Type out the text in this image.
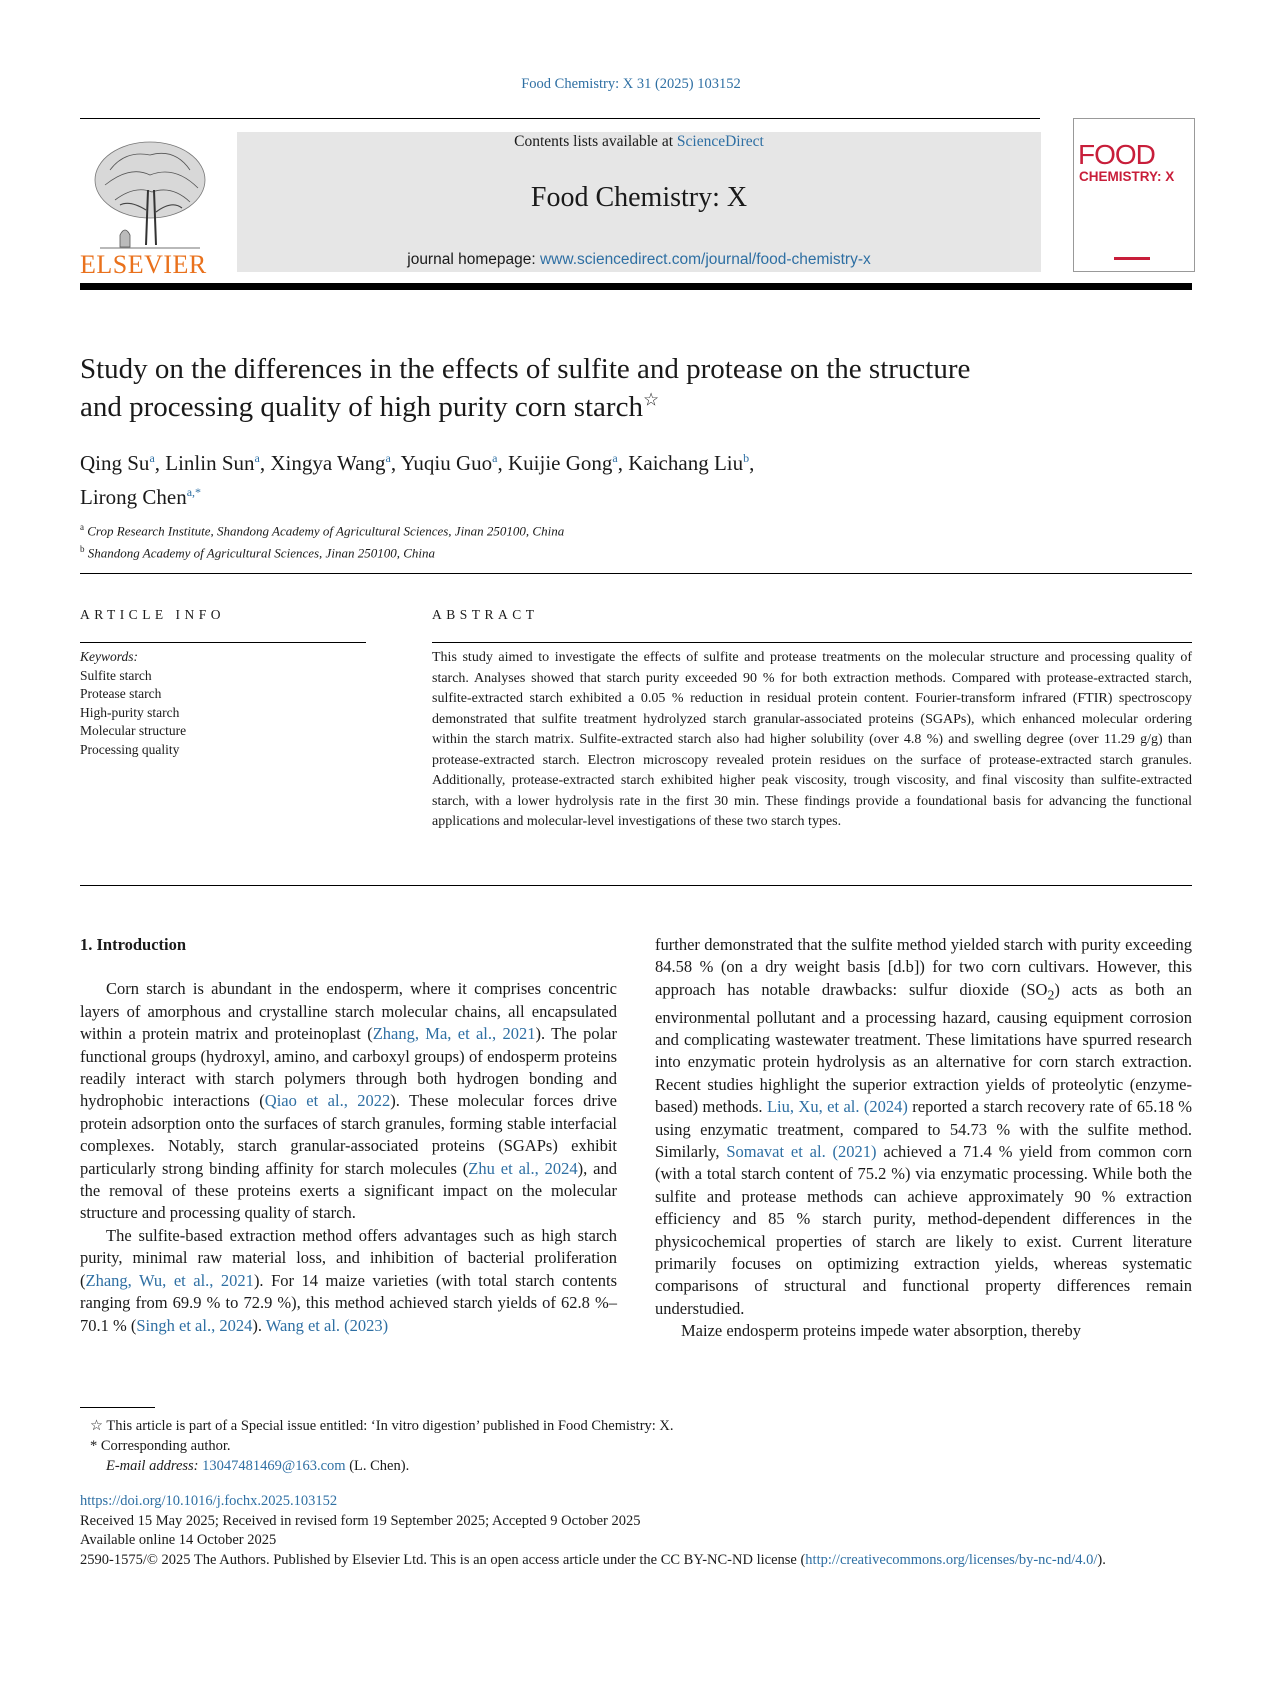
Food Chemistry: X 31 (2025) 103152
ELSEVIER
Contents lists available at ScienceDirect
Food Chemistry: X
journal homepage: www.sciencedirect.com/journal/food-chemistry-x
FOOD
CHEMISTRY: X
Study on the differences in the effects of sulfite and protease on the structure and processing quality of high purity corn starch☆
Qing Su$^a$, Linlin Sun$^a$, Xingya Wang$^a$, Yuqiu Guo$^a$, Kuijie Gong$^a$, Kaichang Liu$^b$,
Lirong Chen$^{a,*}$
$^a$ Crop Research Institute, Shandong Academy of Agricultural Sciences, Jinan 250100, China
$^b$ Shandong Academy of Agricultural Sciences, Jinan 250100, China
ARTICLE INFO	ABSTRACT
Keywords:
Sulfite starch
Protease starch
High-purity starch
Molecular structure
Processing quality
This study aimed to investigate the effects of sulfite and protease treatments on the molecular structure and processing quality of starch. Analyses showed that starch purity exceeded 90 % for both extraction methods. Compared with protease-extracted starch, sulfite-extracted starch exhibited a 0.05 % reduction in residual protein content. Fourier-transform infrared (FTIR) spectroscopy demonstrated that sulfite treatment hydrolyzed starch granular-associated proteins (SGAPs), which enhanced molecular ordering within the starch matrix. Sulfite-extracted starch also had higher solubility (over 4.8 %) and swelling degree (over 11.29 g/g) than protease-extracted starch. Electron microscopy revealed protein residues on the surface of protease-extracted starch granules. Additionally, protease-extracted starch exhibited higher peak viscosity, trough viscosity, and final viscosity than sulfite-extracted starch, with a lower hydrolysis rate in the first 30 min. These findings provide a foundational basis for advancing the functional applications and molecular-level investigations of these two starch types.
1. Introduction

Corn starch is abundant in the endosperm, where it comprises concentric layers of amorphous and crystalline starch molecular chains, all encapsulated within a protein matrix and proteinoplast (Zhang, Ma, et al., 2021). The polar functional groups (hydroxyl, amino, and carboxyl groups) of endosperm proteins readily interact with starch polymers through both hydrogen bonding and hydrophobic interactions (Qiao et al., 2022). These molecular forces drive protein adsorption onto the surfaces of starch granules, forming stable interfacial complexes. Notably, starch granular-associated proteins (SGAPs) exhibit particularly strong binding affinity for starch molecules (Zhu et al., 2024), and the removal of these proteins exerts a significant impact on the molecular structure and processing quality of starch.

The sulfite-based extraction method offers advantages such as high starch purity, minimal raw material loss, and inhibition of bacterial proliferation (Zhang, Wu, et al., 2021). For 14 maize varieties (with total starch contents ranging from 69.9 % to 72.9 %), this method achieved starch yields of 62.8 %–70.1 % (Singh et al., 2024). Wang et al. (2023)

further demonstrated that the sulfite method yielded starch with purity exceeding 84.58 % (on a dry weight basis [d.b]) for two corn cultivars. However, this approach has notable drawbacks: sulfur dioxide $(SO_2)$ acts as both an environmental pollutant and a processing hazard, causing equipment corrosion and complicating wastewater treatment. These limitations have spurred research into enzymatic protein hydrolysis as an alternative for corn starch extraction. Recent studies highlight the superior extraction yields of proteolytic (enzyme-based) methods. Liu, Xu, et al. (2024) reported a starch recovery rate of 65.18 % using enzymatic treatment, compared to 54.73 % with the sulfite method. Similarly, Somavat et al. (2021) achieved a 71.4 % yield from common corn (with a total starch content of 75.2 %) via enzymatic processing. While both the sulfite and protease methods can achieve approximately 90 % extraction efficiency and 85 % starch purity, method-dependent differences in the physicochemical properties of starch are likely to exist. Current literature primarily focuses on optimizing extraction yields, whereas systematic comparisons of structural and functional property differences remain understudied.

Maize endosperm proteins impede water absorption, thereby

☆ This article is part of a Special issue entitled: ‘In vitro digestion’ published in Food Chemistry: X.
* Corresponding author.
E-mail address: 13047481469@163.com (L. Chen).
https://doi.org/10.1016/j.fochx.2025.103152
Received 15 May 2025; Received in revised form 19 September 2025; Accepted 9 October 2025
Available online 14 October 2025
2590-1575/© 2025 The Authors. Published by Elsevier Ltd. This is an open access article under the CC BY-NC-ND license (http://creativecommons.org/licenses/by-nc-nd/4.0/).
